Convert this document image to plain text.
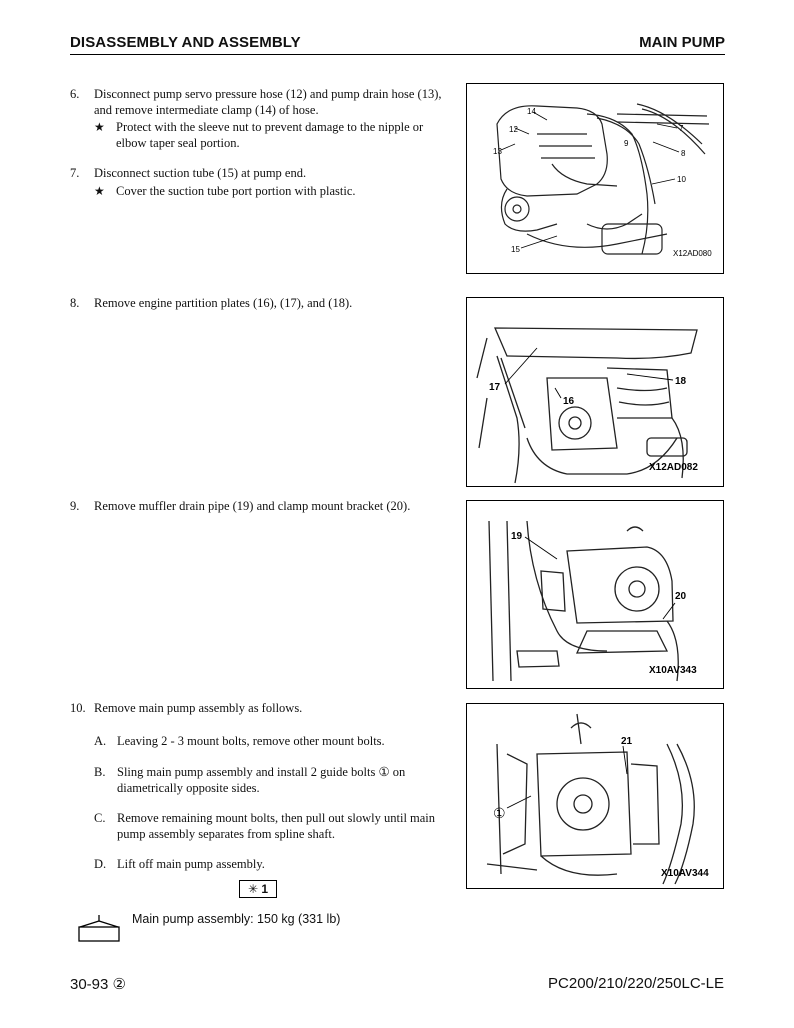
DISASSEMBLY AND ASSEMBLY	MAIN PUMP
6. Disconnect pump servo pressure hose (12) and pump drain hose (13),
and remove intermediate clamp (14) of hose.
★ Protect with the sleeve nut to prevent damage to the nipple or
elbow taper seal portion.
7. Disconnect suction tube (15) at pump end.
★ Cover the suction tube port portion with plastic.
8. Remove engine partition plates (16), (17), and (18).
9. Remove muffler drain pipe (19) and clamp mount bracket (20).
10. Remove main pump assembly as follows.
A. Leaving 2 - 3 mount bolts, remove other mount bolts.
B. Sling main pump assembly and install 2 guide bolts ① on
diametrically opposite sides.
C. Remove remaining mount bolts, then pull out slowly until main
pump assembly separates from spline shaft.
D. Lift off main pump assembly.
✳ 1
Main pump assembly: 150 kg (331 lb)
12
13
14
7
9
8
10
15	X12AD080
17
16
18
X12AD082
19
20
X10AV343
21
①
X10AV344
30-93 ②	PC200/210/220/250LC-LE
